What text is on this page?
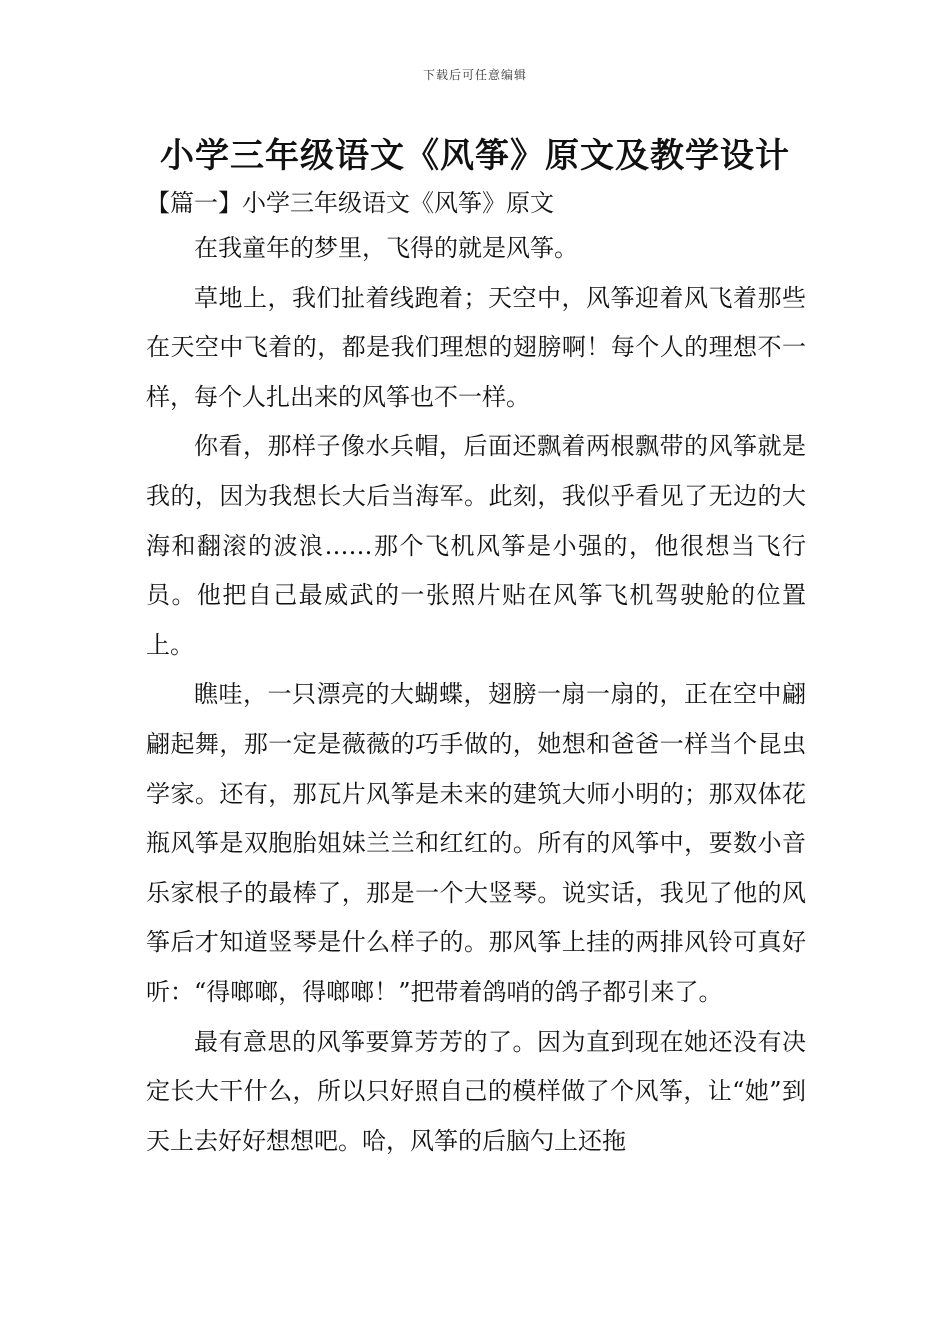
下载后可任意编辑
小学三年级语文《风筝》原文及教学设计
【篇一】小学三年级语文《风筝》原文

在我童年的梦里，飞得的就是风筝。

草地上，我们扯着线跑着；天空中，风筝迎着风飞着那些在天空中飞着的，都是我们理想的翅膀啊！每个人的理想不一样，每个人扎出来的风筝也不一样。

你看，那样子像水兵帽，后面还飘着两根飘带的风筝就是我的，因为我想长大后当海军。此刻，我似乎看见了无边的大海和翻滚的波浪……那个飞机风筝是小强的，他很想当飞行员。他把自己最威武的一张照片贴在风筝飞机驾驶舱的位置上。

瞧哇，一只漂亮的大蝴蝶，翅膀一扇一扇的，正在空中翩翩起舞，那一定是薇薇的巧手做的，她想和爸爸一样当个昆虫学家。还有，那瓦片风筝是未来的建筑大师小明的；那双体花瓶风筝是双胞胎姐妹兰兰和红红的。所有的风筝中，要数小音乐家根子的最棒了，那是一个大竖琴。说实话，我见了他的风筝后才知道竖琴是什么样子的。那风筝上挂的两排风铃可真好听：“得啷啷，得啷啷！”把带着鸽哨的鸽子都引来了。

最有意思的风筝要算芳芳的了。因为直到现在她还没有决定长大干什么，所以只好照自己的模样做了个风筝，让“她”到天上去好好想想吧。哈，风筝的后脑勺上还拖
